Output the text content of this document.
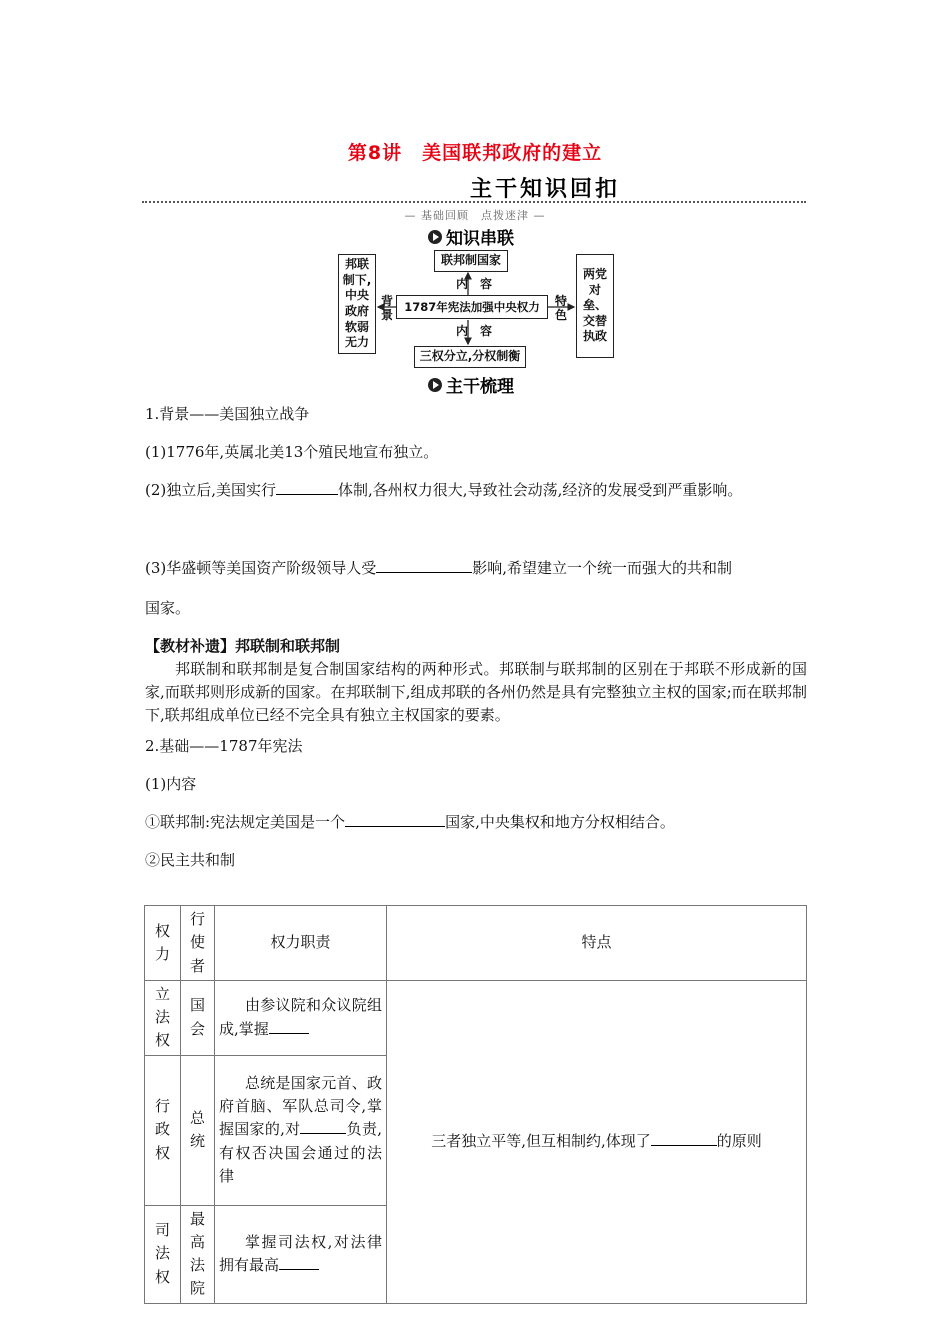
第8讲　美国联邦政府的建立
主干知识回扣
— 基础回顾　点拨迷津 —
知识串联
邦联制下,中央政府软弱无力
联邦制国家
1787年宪法加强中央权力
三权分立,分权制衡
两党对垒、交替执政
内　容
内　容
背景
特色
主干梳理
1.背景——美国独立战争
(1)1776年,英属北美13个殖民地宣布独立。
(2)独立后,美国实行	体制,各州权力很大,导致社会动荡,经济的发展受到严重影响。
(3)华盛顿等美国资产阶级领导人受	影响,希望建立一个统一而强大的共和制
国家。
【教材补遗】邦联制和联邦制
邦联制和联邦制是复合制国家结构的两种形式。邦联制与联邦制的区别在于邦联不形成新的国家,而联邦则形成新的国家。在邦联制下,组成邦联的各州仍然是具有完整独立主权的国家;而在联邦制下,联邦组成单位已经不完全具有独立主权国家的要素。
2.基础——1787年宪法
(1)内容
①联邦制:宪法规定美国是一个	国家,中央集权和地方分权相结合。
②民主共和制
权力	行使者	权力职责	特点
立法权	国会	由参议院和众议院组成,掌握	三者独立平等,但互相制约,体现了 的原则
行政权	总统	总统是国家元首、政府首脑、军队总司令,掌握国家的,对 负责,有权否决国会通过的法律	
司法权	最高法院	掌握司法权,对法律拥有最高	
